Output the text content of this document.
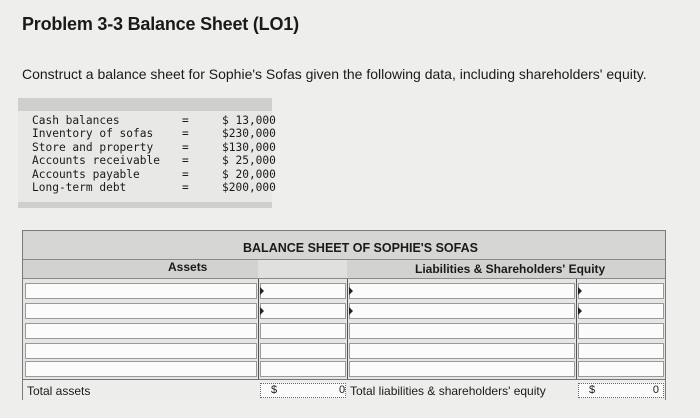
Problem 3-3 Balance Sheet (LO1)
Construct a balance sheet for Sophie's Sofas given the following data, including shareholders' equity.
Cash balances	=	$ 13,000
Inventory of sofas	=	$230,000
Store and property	=	$130,000
Accounts receivable	=	$ 25,000
Accounts payable	=	$ 20,000
Long-term debt	=	$200,000
BALANCE SHEET OF SOPHIE'S SOFAS
Assets	Liabilities & Shareholders' Equity
Total assets	$	0 Total liabilities & shareholders' equity	$	0
